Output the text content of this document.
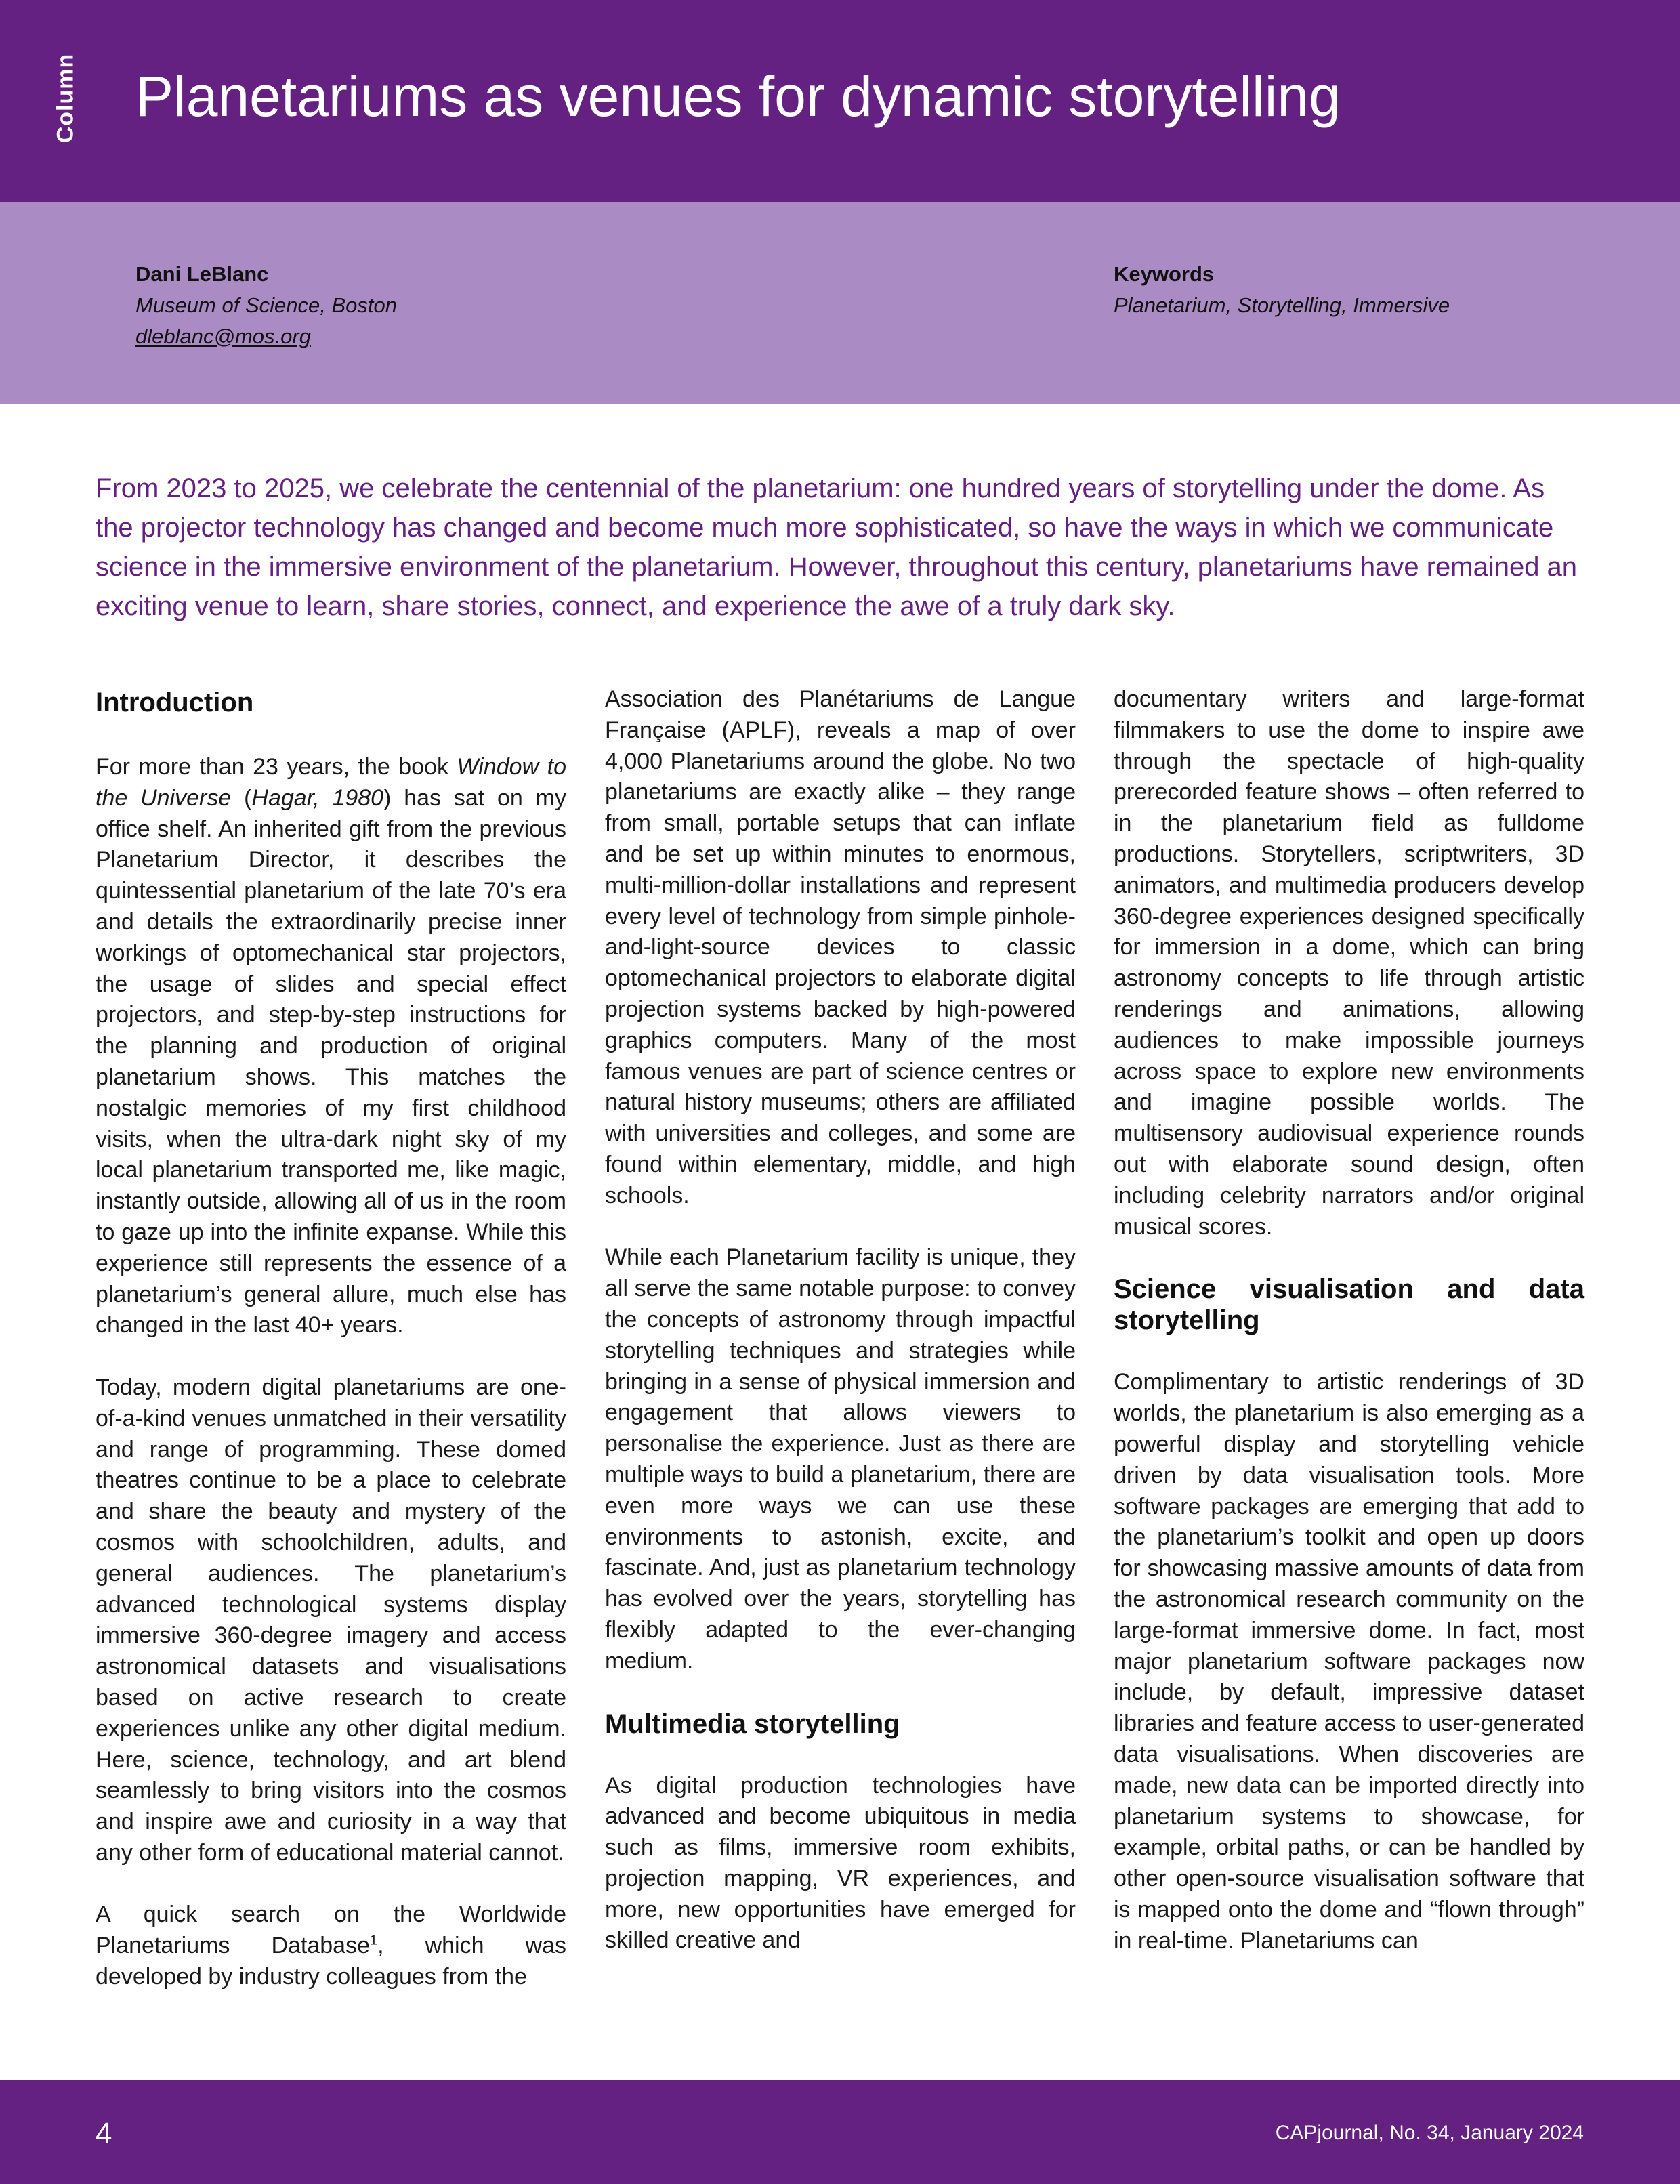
Column Planetariums as venues for dynamic storytelling
Dani LeBlanc
Museum of Science, Boston
dleblanc@mos.org
Keywords
Planetarium, Storytelling, Immersive

From 2023 to 2025, we celebrate the centennial of the planetarium: one hundred years of storytelling under the dome. As the projector technology has changed and become much more sophisticated, so have the ways in which we communicate science in the immersive environment of the planetarium. However, throughout this century, planetariums have remained an exciting venue to learn, share stories, connect, and experience the awe of a truly dark sky.

Introduction

For more than 23 years, the book Window to the Universe (Hagar, 1980) has sat on my office shelf. An inherited gift from the previous Planetarium Director, it describes the quintessential planetarium of the late 70’s era and details the extraordinarily precise inner workings of optomechanical star projectors, the usage of slides and special effect projectors, and step-by-step instructions for the planning and production of original planetarium shows. This matches the nostalgic memories of my first childhood visits, when the ultra-dark night sky of my local planetarium transported me, like magic, instantly outside, allowing all of us in the room to gaze up into the infinite expanse. While this experience still represents the essence of a planetarium’s general allure, much else has changed in the last 40+ years.

Today, modern digital planetariums are one-of-a-kind venues unmatched in their versatility and range of programming. These domed theatres continue to be a place to celebrate and share the beauty and mystery of the cosmos with schoolchildren, adults, and general audiences. The planetarium’s advanced technological systems display immersive 360-degree imagery and access astronomical datasets and visualisations based on active research to create experiences unlike any other digital medium. Here, science, technology, and art blend seamlessly to bring visitors into the cosmos and inspire awe and curiosity in a way that any other form of educational material cannot.

A quick search on the Worldwide Planetariums Database$^1$, which was developed by industry colleagues from the

Association des Planétariums de Langue Française (APLF), reveals a map of over 4,000 Planetariums around the globe. No two planetariums are exactly alike – they range from small, portable setups that can inflate and be set up within minutes to enormous, multi-million-dollar installations and represent every level of technology from simple pinhole-and-light-source devices to classic optomechanical projectors to elaborate digital projection systems backed by high-powered graphics computers. Many of the most famous venues are part of science centres or natural history museums; others are affiliated with universities and colleges, and some are found within elementary, middle, and high schools.

While each Planetarium facility is unique, they all serve the same notable purpose: to convey the concepts of astronomy through impactful storytelling techniques and strategies while bringing in a sense of physical immersion and engagement that allows viewers to personalise the experience. Just as there are multiple ways to build a planetarium, there are even more ways we can use these environments to astonish, excite, and fascinate. And, just as planetarium technology has evolved over the years, storytelling has flexibly adapted to the ever-changing medium.

Multimedia storytelling

As digital production technologies have advanced and become ubiquitous in media such as films, immersive room exhibits, projection mapping, VR experiences, and more, new opportunities have emerged for skilled creative and

documentary writers and large-format filmmakers to use the dome to inspire awe through the spectacle of high-quality prerecorded feature shows – often referred to in the planetarium field as fulldome productions. Storytellers, scriptwriters, 3D animators, and multimedia producers develop 360-degree experiences designed specifically for immersion in a dome, which can bring astronomy concepts to life through artistic renderings and animations, allowing audiences to make impossible journeys across space to explore new environments and imagine possible worlds. The multisensory audiovisual experience rounds out with elaborate sound design, often including celebrity narrators and/or original musical scores.

Science visualisation and data storytelling

Complimentary to artistic renderings of 3D worlds, the planetarium is also emerging as a powerful display and storytelling vehicle driven by data visualisation tools. More software packages are emerging that add to the planetarium’s toolkit and open up doors for showcasing massive amounts of data from the astronomical research community on the large-format immersive dome. In fact, most major planetarium software packages now include, by default, impressive dataset libraries and feature access to user-generated data visualisations. When discoveries are made, new data can be imported directly into planetarium systems to showcase, for example, orbital paths, or can be handled by other open-source visualisation software that is mapped onto the dome and “flown through” in real-time. Planetariums can

4	CAPjournal, No. 34, January 2024
